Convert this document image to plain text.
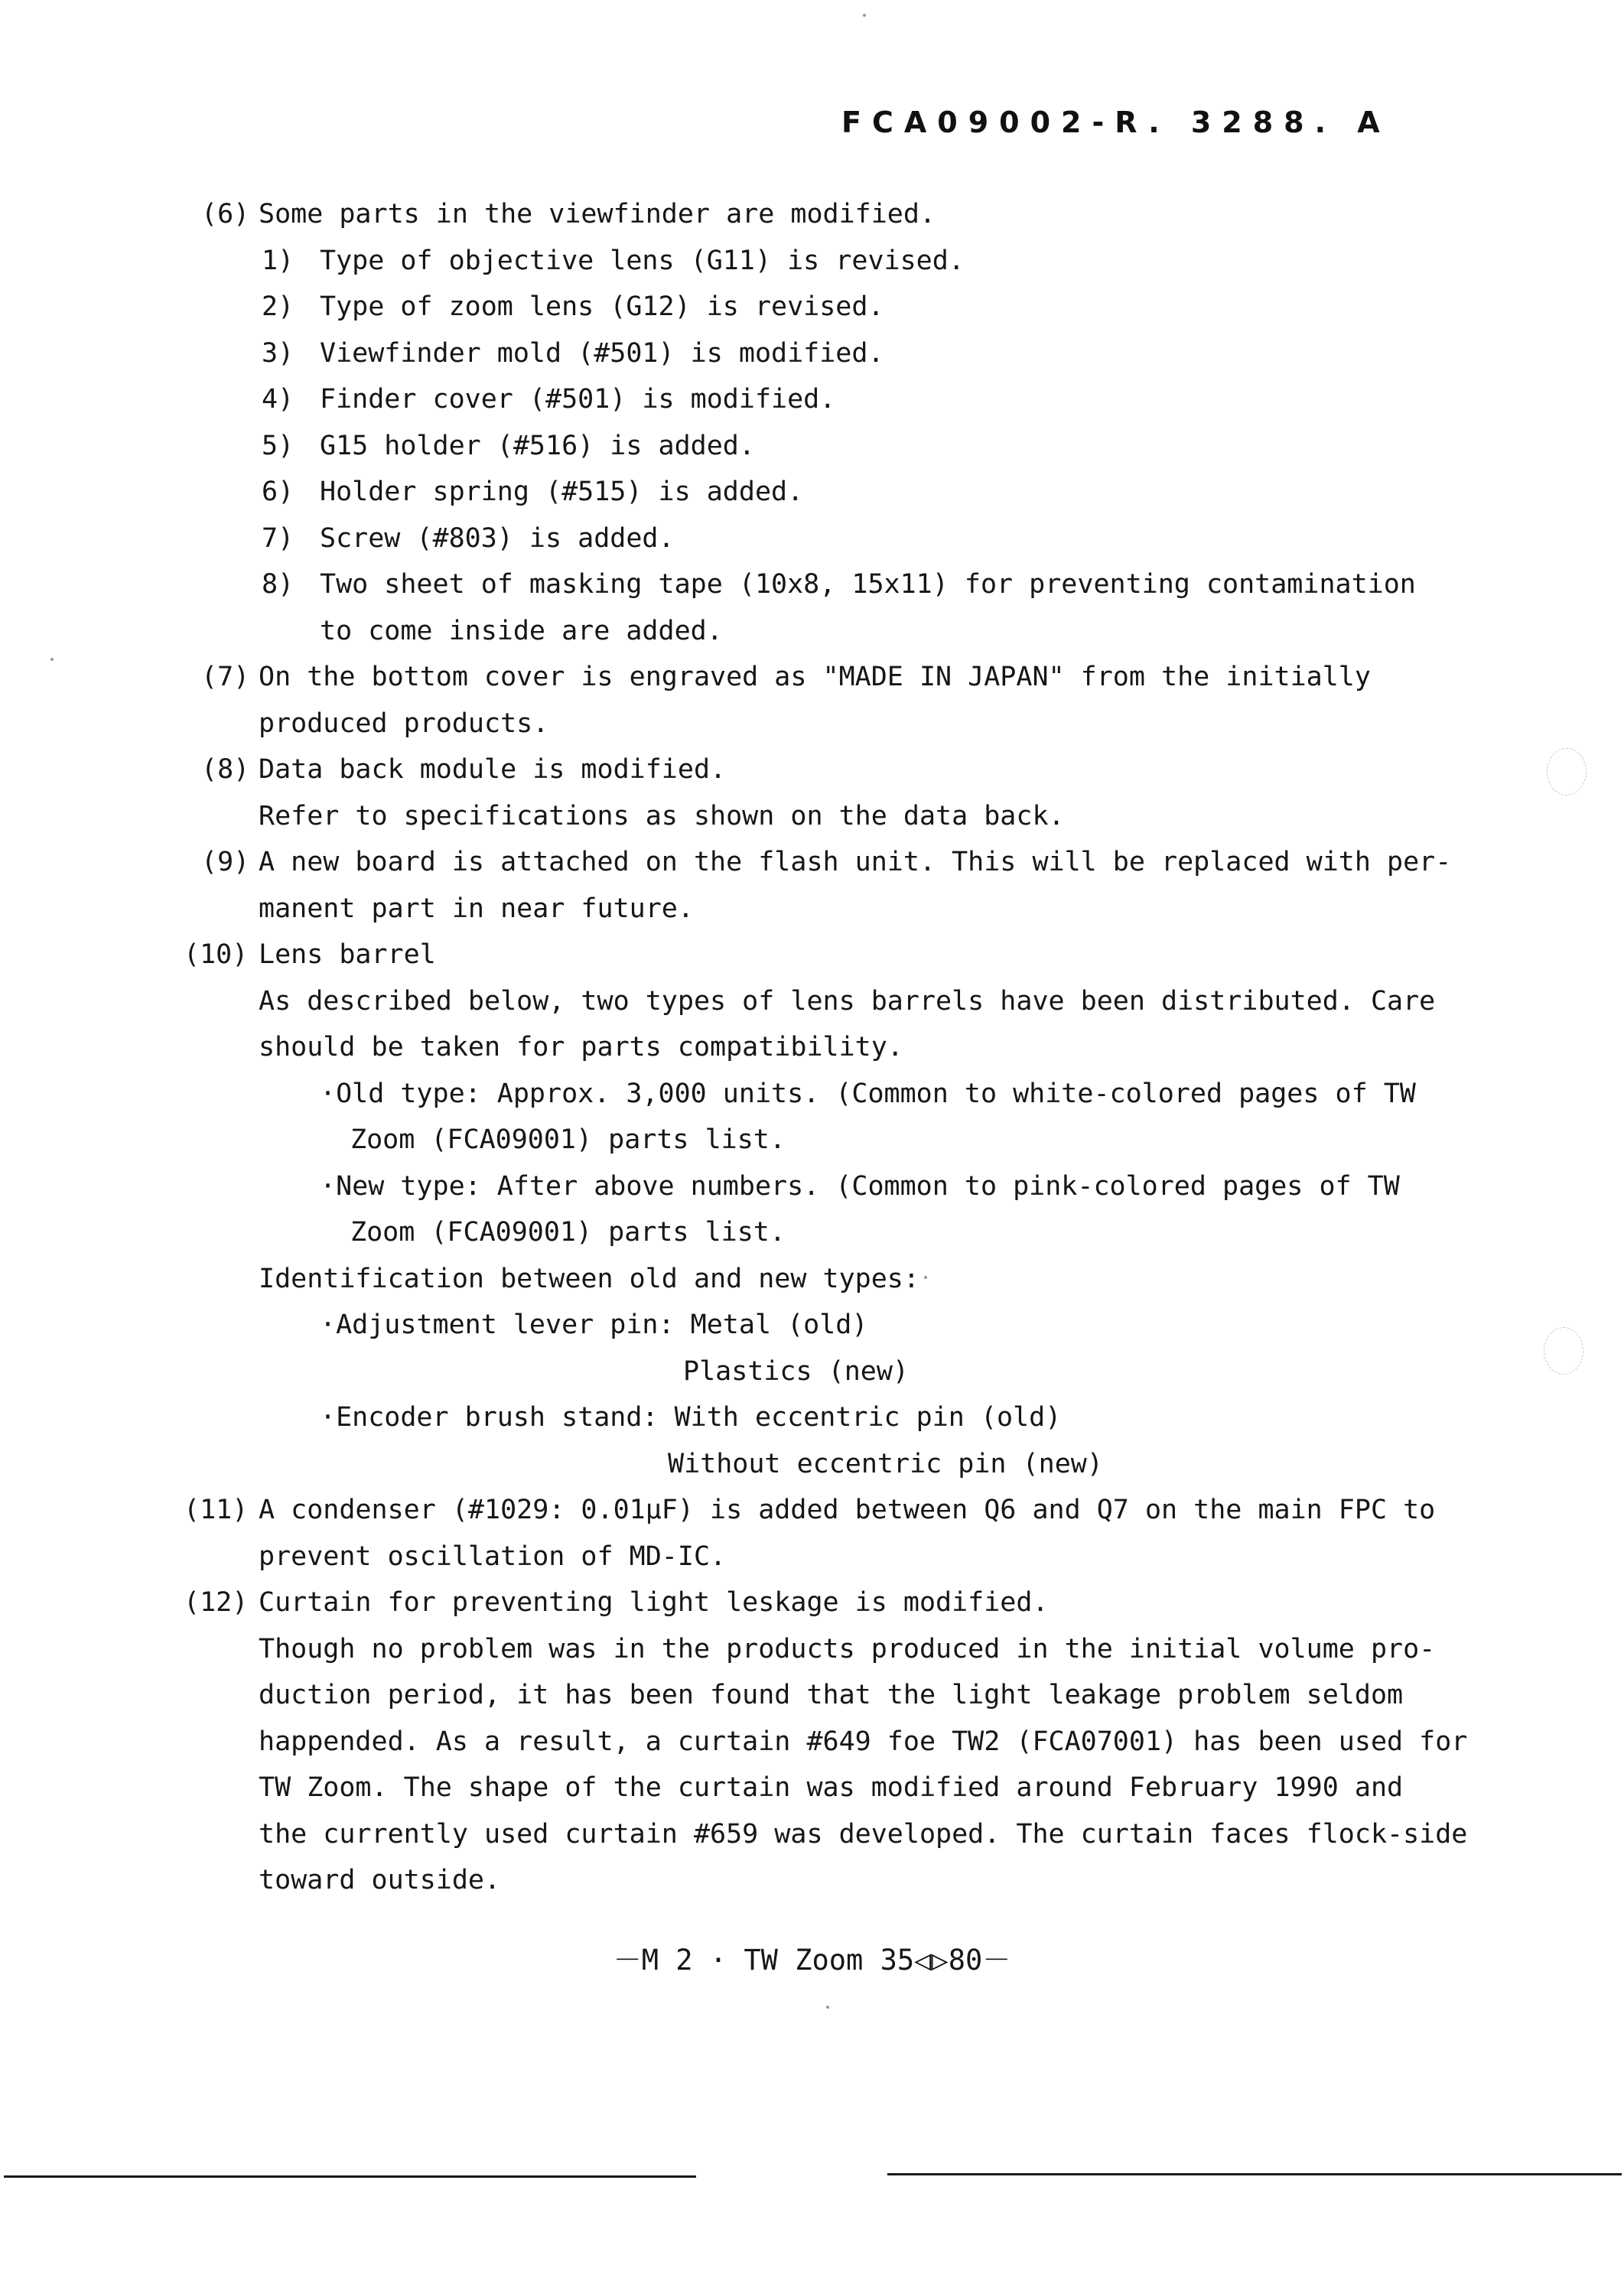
FCA09002-R. 3288. A
(6) Some parts in the viewfinder are modified.
1) Type of objective lens (G11) is revised.
2) Type of zoom lens (G12) is revised.
3) Viewfinder mold (#501) is modified.
4) Finder cover (#501) is modified.
5) G15 holder (#516) is added.
6) Holder spring (#515) is added.
7) Screw (#803) is added.
8) Two sheet of masking tape (10x8, 15x11) for preventing contamination
to come inside are added.
(7) On the bottom cover is engraved as "MADE IN JAPAN" from the initially
produced products.
(8) Data back module is modified.
Refer to specifications as shown on the data back.
(9) A new board is attached on the flash unit. This will be replaced with per-
manent part in near future.
(10) Lens barrel
As described below, two types of lens barrels have been distributed. Care
should be taken for parts compatibility.
·Old type: Approx. 3,000 units. (Common to white-colored pages of TW
Zoom (FCA09001) parts list.
·New type: After above numbers. (Common to pink-colored pages of TW
Zoom (FCA09001) parts list.
Identification between old and new types:
·Adjustment lever pin: Metal (old)
Plastics (new)
·Encoder brush stand: With eccentric pin (old)
Without eccentric pin (new)
(11) A condenser (#1029: 0.01μF) is added between Q6 and Q7 on the main FPC to
prevent oscillation of MD-IC.
(12) Curtain for preventing light leskage is modified.
Though no problem was in the products produced in the initial volume pro-
duction period, it has been found that the light leakage problem seldom
happended. As a result, a curtain #649 foe TW2 (FCA07001) has been used for
TW Zoom. The shape of the curtain was modified around February 1990 and
the currently used curtain #659 was developed. The curtain faces flock-side
toward outside.
－M 2 · TW Zoom 35◁▷80－
